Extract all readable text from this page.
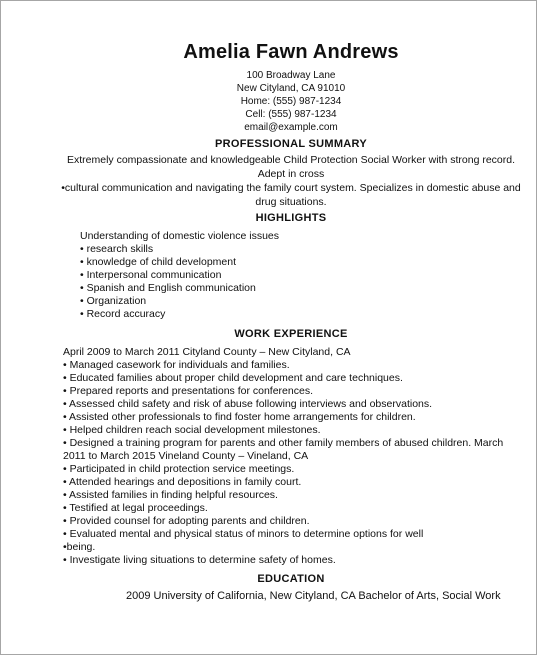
Amelia Fawn Andrews
100 Broadway Lane
New Cityland, CA 91010
Home: (555) 987-1234
Cell: (555) 987-1234
email@example.com
PROFESSIONAL SUMMARY
Extremely compassionate and knowledgeable Child Protection Social Worker with strong record.
Adept in cross
•cultural communication and navigating the family court system. Specializes in domestic abuse and
drug situations.
HIGHLIGHTS
Understanding of domestic violence issues
• research skills
• knowledge of child development
• Interpersonal communication
• Spanish and English communication
• Organization
• Record accuracy
WORK EXPERIENCE
April 2009 to March 2011 Cityland County – New Cityland, CA
• Managed casework for individuals and families.
• Educated families about proper child development and care techniques.
• Prepared reports and presentations for conferences.
• Assessed child safety and risk of abuse following interviews and observations.
• Assisted other professionals to find foster home arrangements for children.
• Helped children reach social development milestones.
• Designed a training program for parents and other family members of abused children. March
2011 to March 2015 Vineland County – Vineland, CA
• Participated in child protection service meetings.
• Attended hearings and depositions in family court.
• Assisted families in finding helpful resources.
• Testified at legal proceedings.
• Provided counsel for adopting parents and children.
• Evaluated mental and physical status of minors to determine options for well
•being.
• Investigate living situations to determine safety of homes.
EDUCATION
2009 University of California, New Cityland, CA Bachelor of Arts, Social Work
